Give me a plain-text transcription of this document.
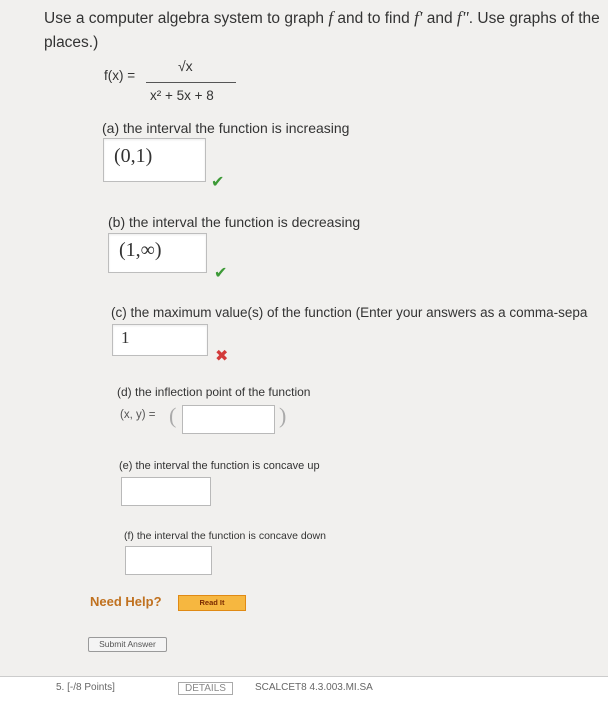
Use a computer algebra system to graph f and to find f' and f". Use graphs of the
places.)
f(x) =
√x
x² + 5x + 8
(a) the interval the function is increasing
(0,1)
✔
(b) the interval the function is decreasing
(1,∞)
✔
(c) the maximum value(s) of the function (Enter your answers as a comma-sepa
1
✖
(d) the inflection point of the function
(x, y) = (	)
(e) the interval the function is concave up
(f) the interval the function is concave down
Need Help?	Read It
Submit Answer
5. [-/8 Points]	DETAILS	SCALCET8 4.3.003.MI.SA
